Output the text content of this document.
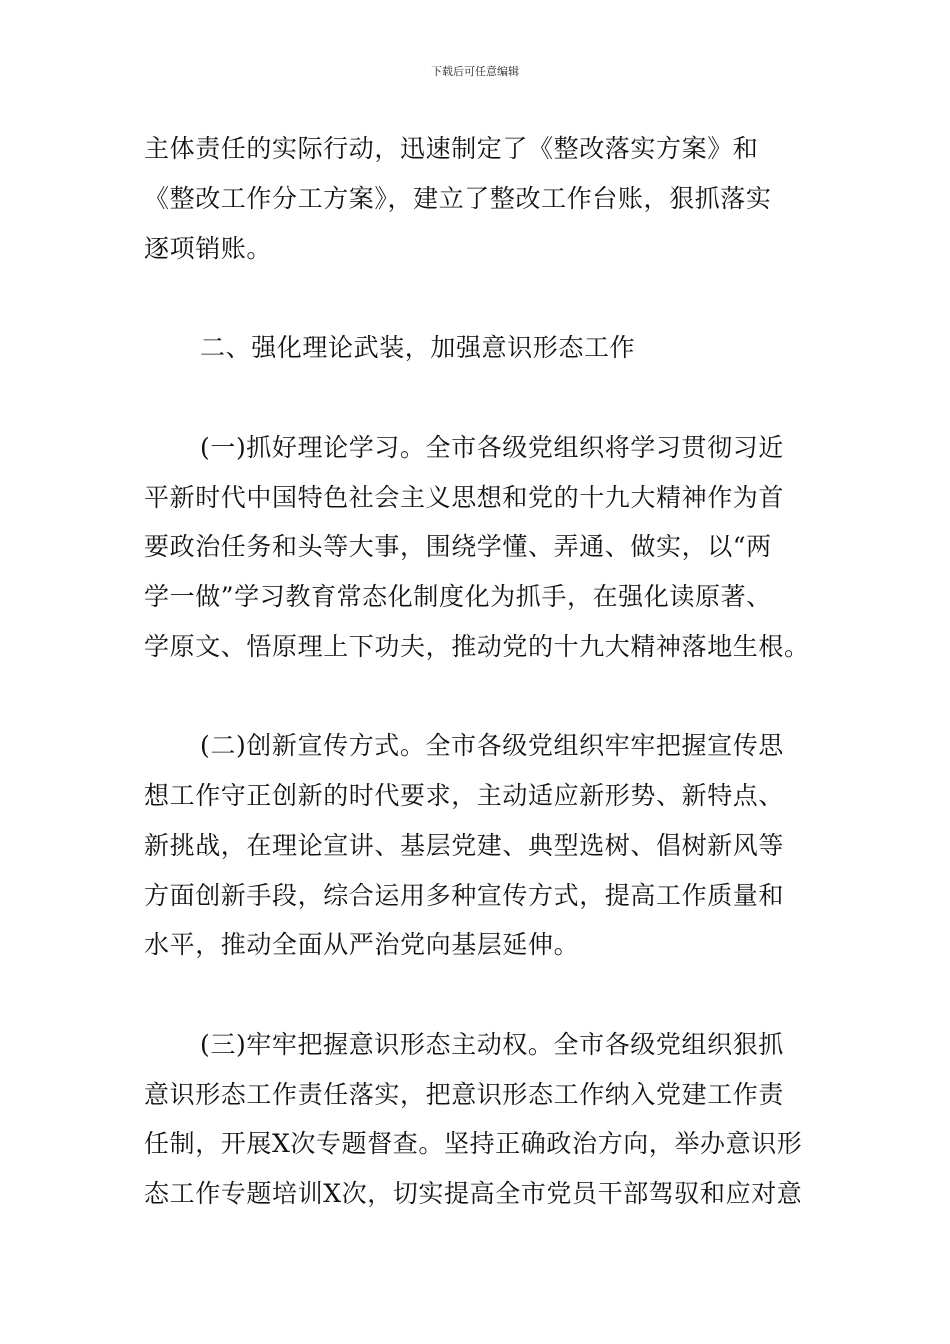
下载后可任意编辑
主体责任的实际行动，迅速制定了《整改落实方案》和
《整改工作分工方案》，建立了整改工作台账，狠抓落实
逐项销账。
二、强化理论武装，加强意识形态工作
(一)抓好理论学习。全市各级党组织将学习贯彻习近
平新时代中国特色社会主义思想和党的十九大精神作为首
要政治任务和头等大事，围绕学懂、弄通、做实，以“两
学一做”学习教育常态化制度化为抓手，在强化读原著、
学原文、悟原理上下功夫，推动党的十九大精神落地生根。
(二)创新宣传方式。全市各级党组织牢牢把握宣传思
想工作守正创新的时代要求，主动适应新形势、新特点、
新挑战，在理论宣讲、基层党建、典型选树、倡树新风等
方面创新手段，综合运用多种宣传方式，提高工作质量和
水平，推动全面从严治党向基层延伸。
(三)牢牢把握意识形态主动权。全市各级党组织狠抓
意识形态工作责任落实，把意识形态工作纳入党建工作责
任制，开展X次专题督查。坚持正确政治方向，举办意识形
态工作专题培训X次，切实提高全市党员干部驾驭和应对意
